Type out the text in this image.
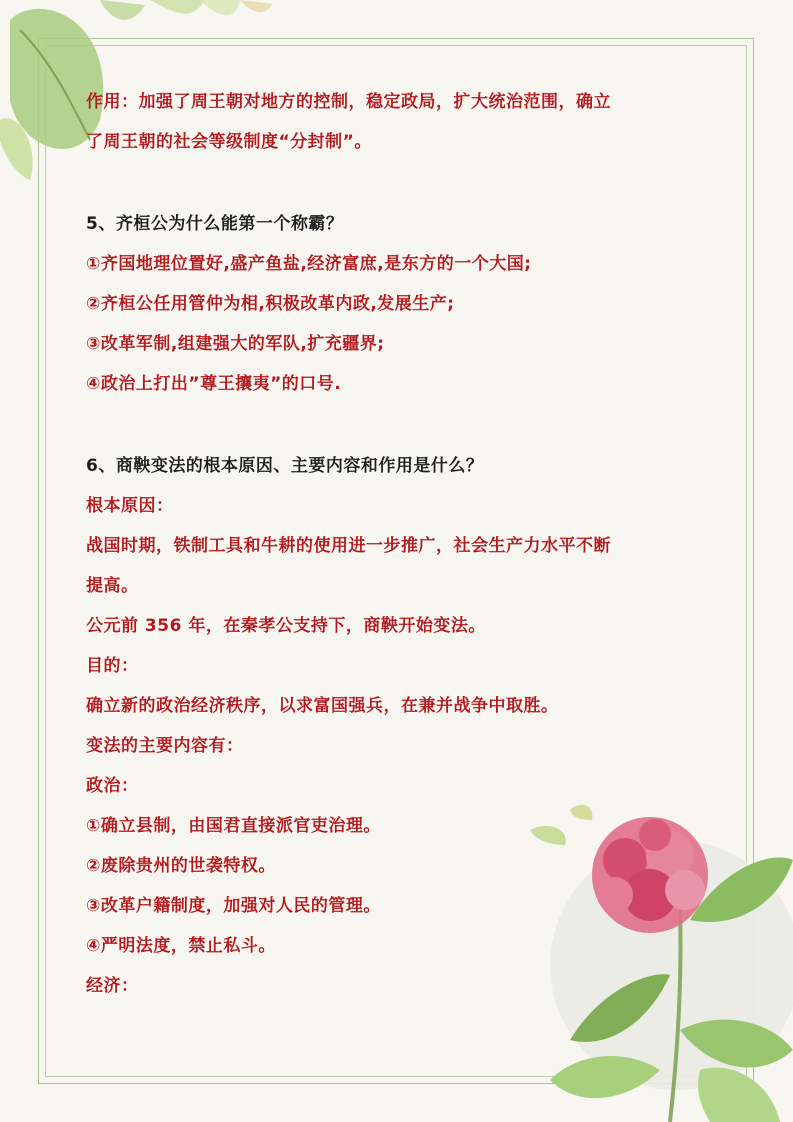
作用：加强了周王朝对地方的控制，稳定政局，扩大统治范围，确立
了周王朝的社会等级制度“分封制”。
5、齐桓公为什么能第一个称霸？
①齐国地理位置好,盛产鱼盐,经济富庶,是东方的一个大国;
②齐桓公任用管仲为相,积极改革内政,发展生产;
③改革军制,组建强大的军队,扩充疆界;
④政治上打出”尊王攘夷”的口号.
6、商鞅变法的根本原因、主要内容和作用是什么？
根本原因：
战国时期，铁制工具和牛耕的使用进一步推广，社会生产力水平不断
提高。
公元前 356 年，在秦孝公支持下，商鞅开始变法。
目的：
确立新的政治经济秩序，以求富国强兵，在兼并战争中取胜。
变法的主要内容有：
政治：
①确立县制，由国君直接派官吏治理。
②废除贵州的世袭特权。
③改革户籍制度，加强对人民的管理。
④严明法度，禁止私斗。
经济：
